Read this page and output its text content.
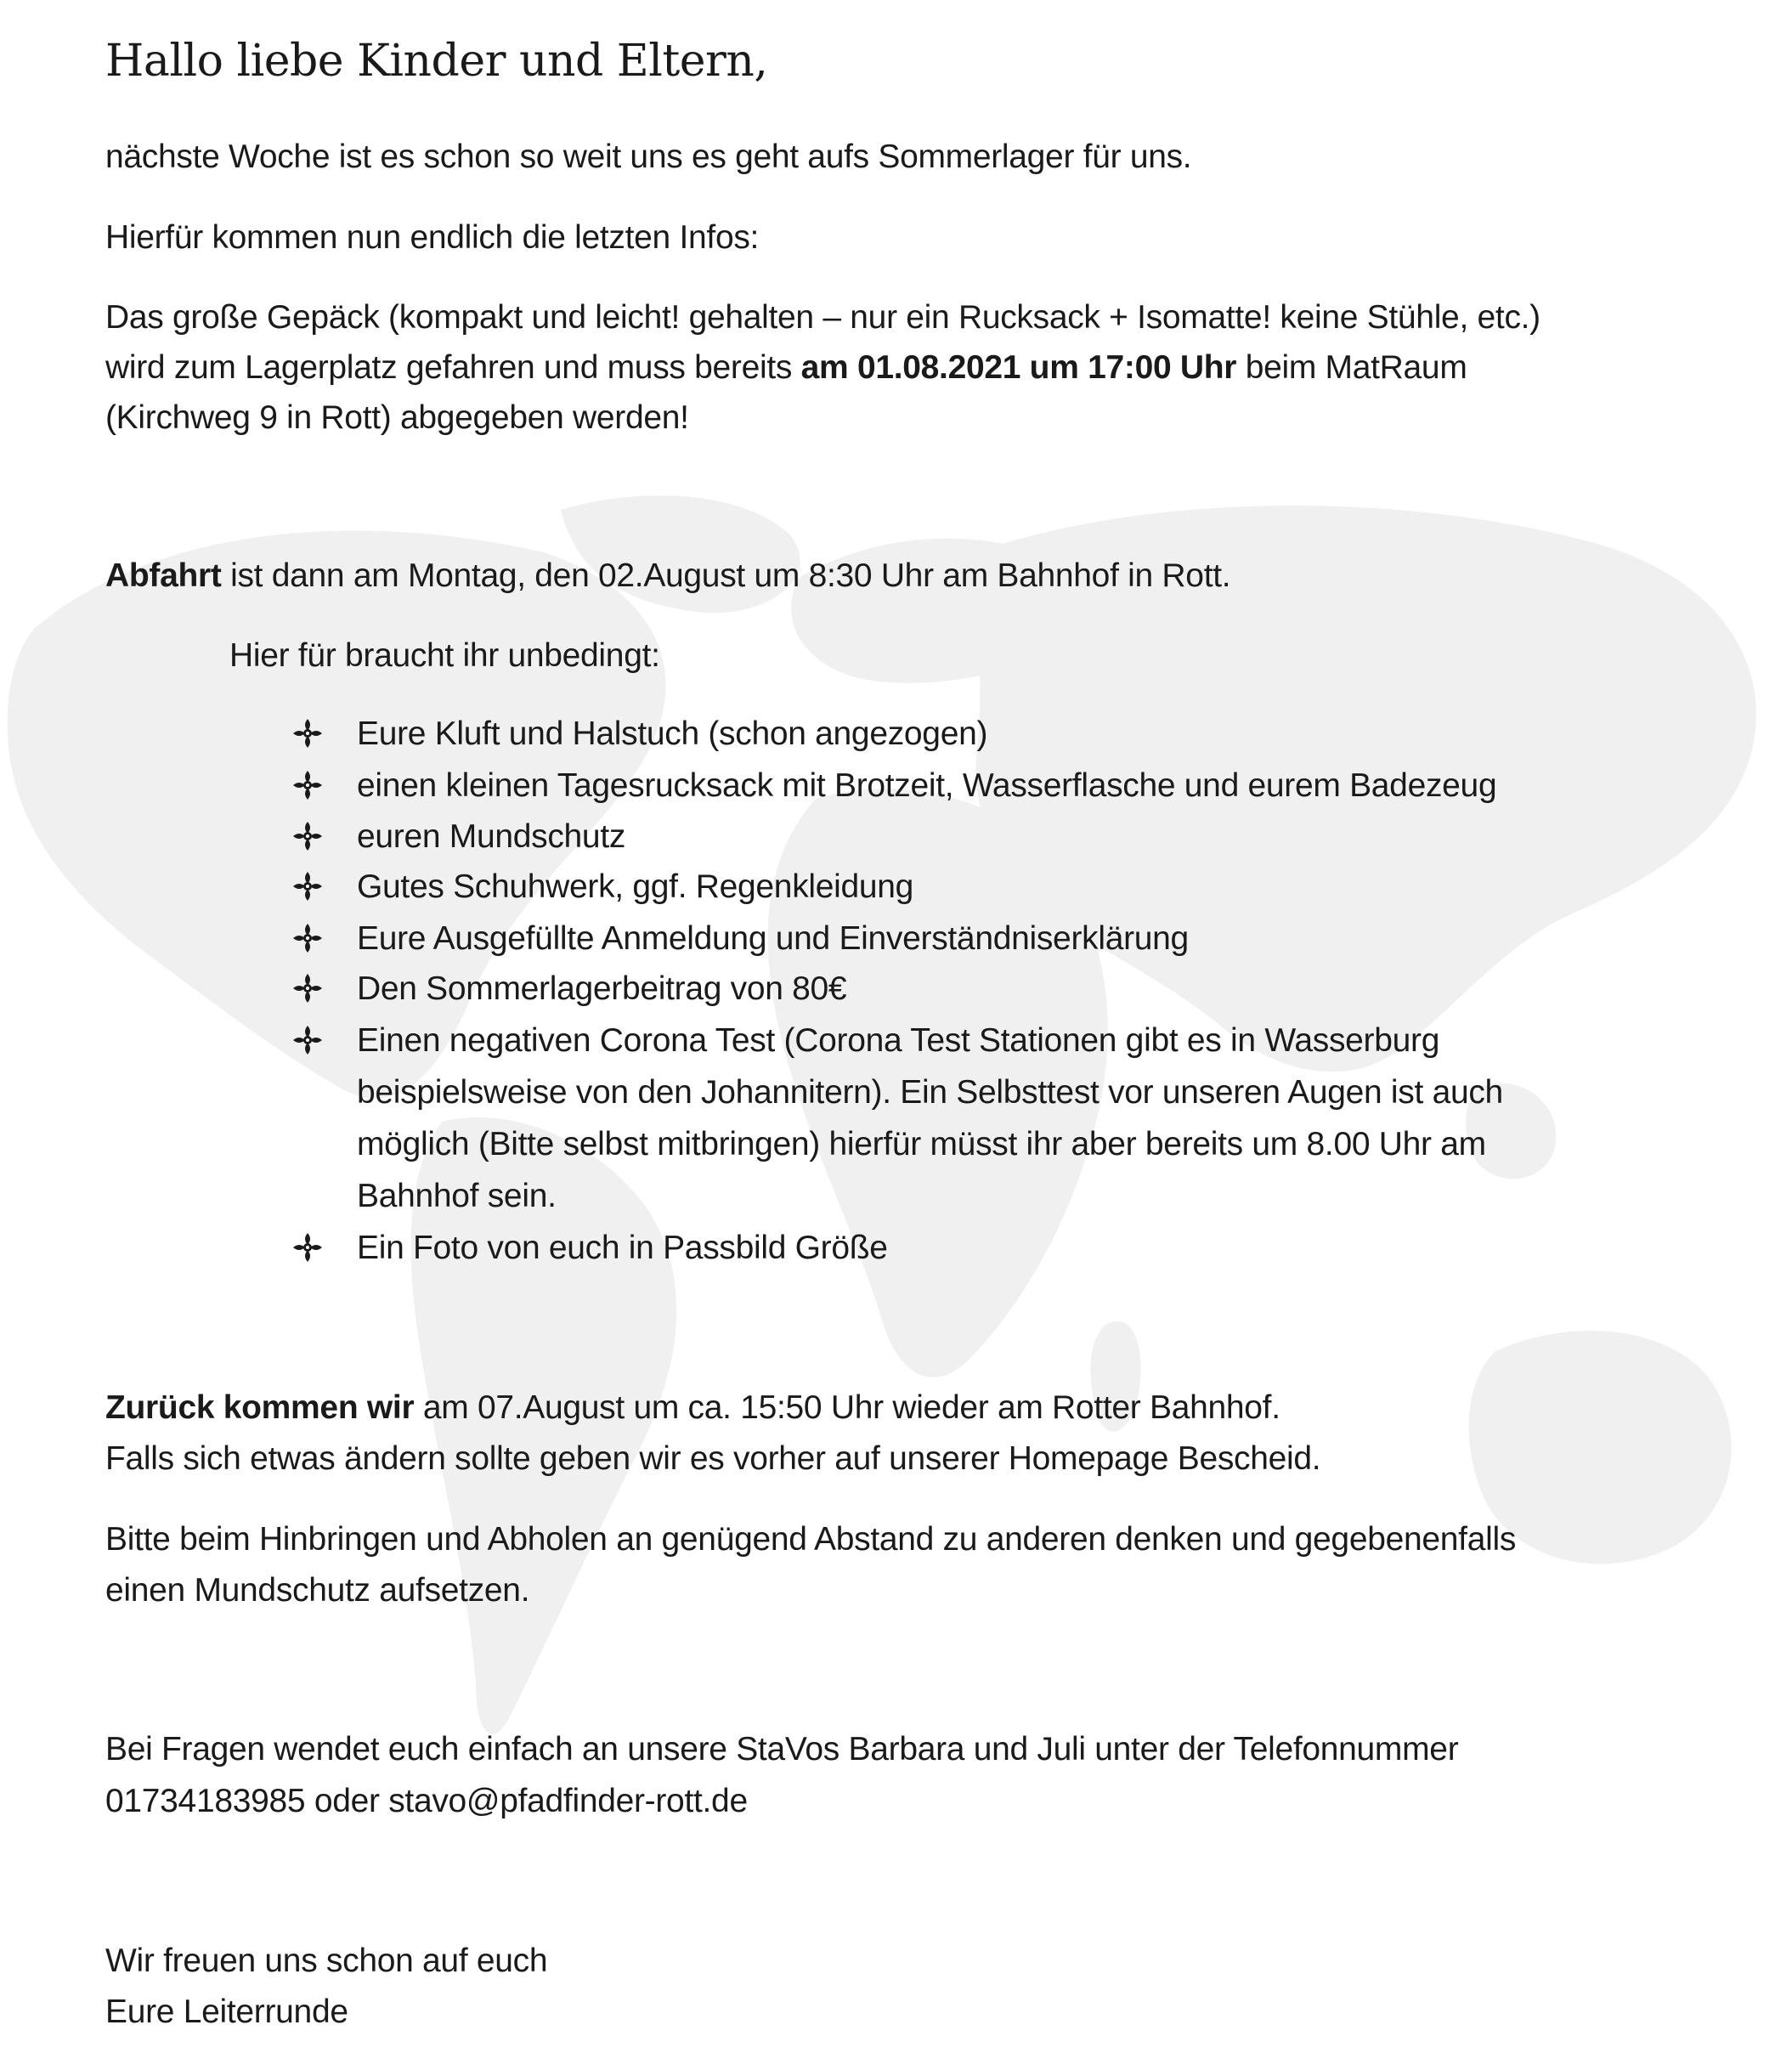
Hallo liebe Kinder und Eltern,
nächste Woche ist es schon so weit uns es geht aufs Sommerlager für uns.
Hierfür kommen nun endlich die letzten Infos:
Das große Gepäck (kompakt und leicht! gehalten – nur ein Rucksack + Isomatte! keine Stühle, etc.)
wird zum Lagerplatz gefahren und muss bereits am 01.08.2021 um 17:00 Uhr beim MatRaum
(Kirchweg 9 in Rott) abgegeben werden!
Abfahrt ist dann am Montag, den 02.August um 8:30 Uhr am Bahnhof in Rott.
Hier für braucht ihr unbedingt:
Eure Kluft und Halstuch (schon angezogen)
einen kleinen Tagesrucksack mit Brotzeit, Wasserflasche und eurem Badezeug
euren Mundschutz
Gutes Schuhwerk, ggf. Regenkleidung
Eure Ausgefüllte Anmeldung und Einverständniserklärung
Den Sommerlagerbeitrag von 80€
Einen negativen Corona Test (Corona Test Stationen gibt es in Wasserburg
beispielsweise von den Johannitern). Ein Selbsttest vor unseren Augen ist auch
möglich (Bitte selbst mitbringen) hierfür müsst ihr aber bereits um 8.00 Uhr am
Bahnhof sein.
Ein Foto von euch in Passbild Größe
Zurück kommen wir am 07.August um ca. 15:50 Uhr wieder am Rotter Bahnhof.
Falls sich etwas ändern sollte geben wir es vorher auf unserer Homepage Bescheid.
Bitte beim Hinbringen und Abholen an genügend Abstand zu anderen denken und gegebenenfalls
einen Mundschutz aufsetzen.
Bei Fragen wendet euch einfach an unsere StaVos Barbara und Juli unter der Telefonnummer
01734183985 oder stavo@pfadfinder-rott.de
Wir freuen uns schon auf euch
Eure Leiterrunde
